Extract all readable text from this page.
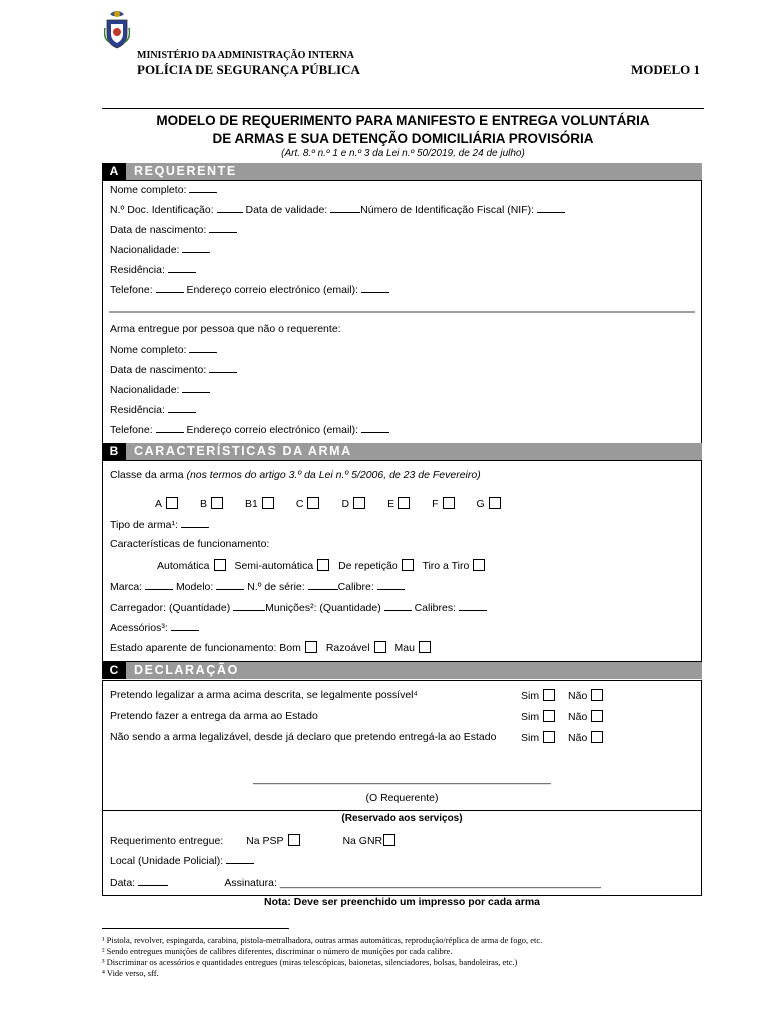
MINISTÉRIO DA ADMINISTRAÇÃO INTERNA
POLÍCIA DE SEGURANÇA PÚBLICA	MODELO 1
MODELO DE REQUERIMENTO PARA MANIFESTO E ENTREGA VOLUNTÁRIA
DE ARMAS E SUA DETENÇÃO DOMICILIÁRIA PROVISÓRIA
(Art. 8.º n.º 1 e n.º 3 da Lei n.º 50/2019, de 24 de julho)
A	REQUERENTE
Nome completo:
N.º Doc. Identificação:	Data de validade:	Número de Identificação Fiscal (NIF):
Data de nascimento:
Nacionalidade:
Residência:
Telefone:	Endereço correio electrónico (email):
Arma entregue por pessoa que não o requerente:
Nome completo:
Data de nascimento:
Nacionalidade:
Residência:
Telefone:	Endereço correio electrónico (email):
B	CARACTERÍSTICAS DA ARMA
Classe da arma (nos termos do artigo 3.º da Lei n.º 5/2006, de 23 de Fevereiro)
A	B	B1	C	D	E	F	G
Tipo de arma¹:
Características de funcionamento:
Automática Semi-automática De repetição Tiro a Tiro
Marca:	Modelo:	N.º de série:	Calibre:
Carregador: (Quantidade)	Munições²: (Quantidade)	Calibres:
Acessórios³:
Estado aparente de funcionamento: Bom Razoável Mau
C	DECLARAÇÃO
Pretendo legalizar a arma acima descrita, se legalmente possível⁴	Sim	Não
Pretendo fazer a entrega da arma ao Estado	Sim	Não
Não sendo a arma legalizável, desde já declaro que pretendo entregá-la ao Estado Sim	Não
___________________________________________________
(O Requerente)
(Reservado aos serviços)
Requerimento entregue: Na PSP	Na GNR
Local (Unidade Policial):
Data:	Assinatura: _______________________________________________________
Nota: Deve ser preenchido um impresso por cada arma
¹ Pistola, revolver, espingarda, carabina, pistola-metralhadora, outras armas automáticas, reprodução/réplica de arma de fogo, etc.
² Sendo entregues munições de calibres diferentes, discriminar o número de munições por cada calibre.
³ Discriminar os acessórios e quantidades entregues (miras telescópicas, baionetas, silenciadores, bolsas, bandoleiras, etc.)
⁴ Vide verso, sff.
